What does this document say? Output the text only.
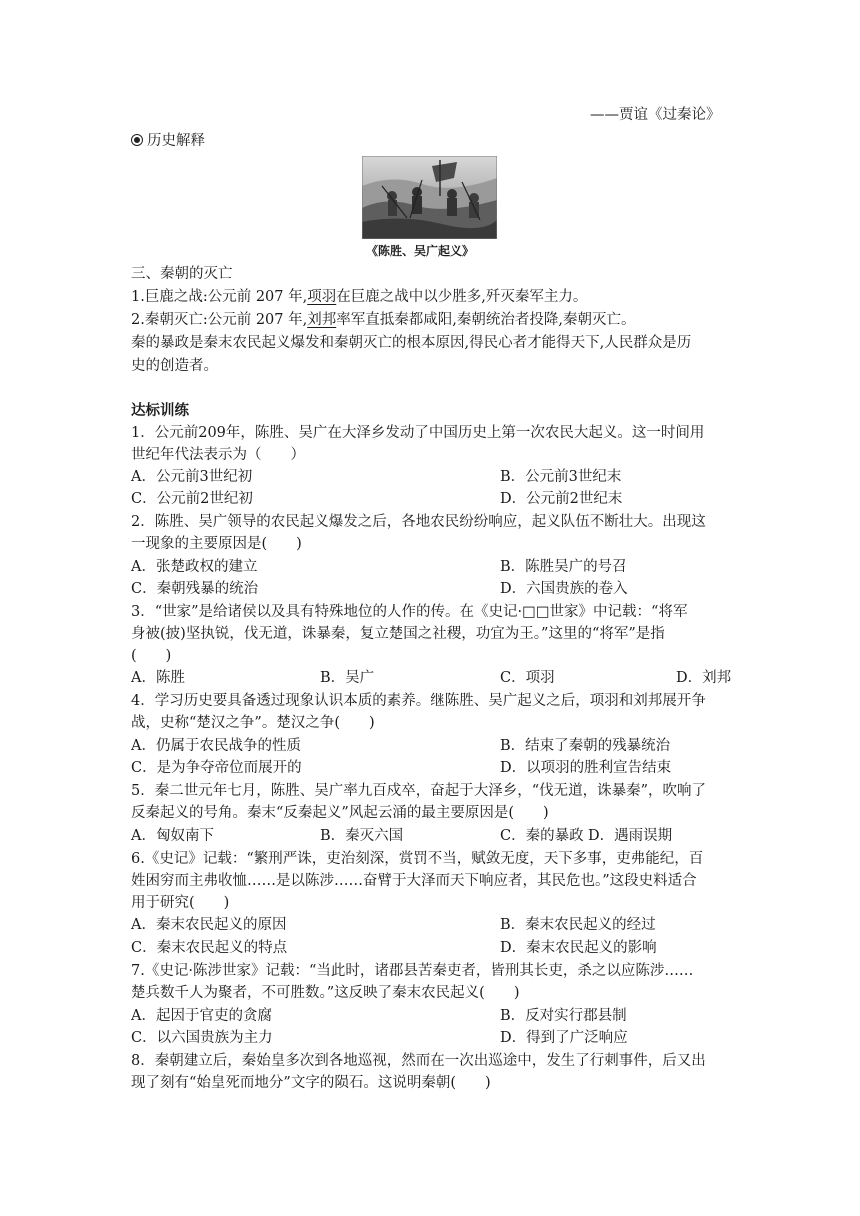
——贾谊《过秦论》
历史解释
《陈胜、吴广起义》
三、秦朝的灭亡
1.巨鹿之战:公元前 207 年,项羽在巨鹿之战中以少胜多,歼灭秦军主力。
2.秦朝灭亡:公元前 207 年,刘邦率军直抵秦都咸阳,秦朝统治者投降,秦朝灭亡。
秦的暴政是秦末农民起义爆发和秦朝灭亡的根本原因,得民心者才能得天下,人民群众是历
史的创造者。
达标训练
1．公元前209年，陈胜、吴广在大泽乡发动了中国历史上第一次农民大起义。这一时间用
世纪年代法表示为（　　）
A．公元前3世纪初	B．公元前3世纪末
C．公元前2世纪初	D．公元前2世纪末
2．陈胜、吴广领导的农民起义爆发之后，各地农民纷纷响应，起义队伍不断壮大。出现这
一现象的主要原因是(　　)
A．张楚政权的建立	B．陈胜吴广的号召
C．秦朝残暴的统治	D．六国贵族的卷入
3．“世家”是给诸侯以及具有特殊地位的人作的传。在《史记·□□世家》中记载：“将军
身被(披)坚执锐，伐无道，诛暴秦，复立楚国之社稷，功宜为王。”这里的“将军”是指
(　　)
A．陈胜	B．吴广	C．项羽	D．刘邦
4．学习历史要具备透过现象认识本质的素养。继陈胜、吴广起义之后，项羽和刘邦展开争
战，史称“楚汉之争”。楚汉之争(　　)
A．仍属于农民战争的性质	B．结束了秦朝的残暴统治
C．是为争夺帝位而展开的	D．以项羽的胜利宣告结束
5．秦二世元年七月，陈胜、吴广率九百戍卒，奋起于大泽乡，“伐无道，诛暴秦”，吹响了
反秦起义的号角。秦末“反秦起义”风起云涌的最主要原因是(　　)
A．匈奴南下	B．秦灭六国	C．秦的暴政 D．遇雨误期
6.《史记》记载：“繁刑严诛，吏治刻深，赏罚不当，赋敛无度，天下多事，吏弗能纪，百
姓困穷而主弗收恤……是以陈涉……奋臂于大泽而天下响应者，其民危也。”这段史料适合
用于研究(　　)
A．秦末农民起义的原因	B．秦末农民起义的经过
C．秦末农民起义的特点	D．秦末农民起义的影响
7.《史记·陈涉世家》记载：“当此时，诸郡县苦秦吏者，皆刑其长吏，杀之以应陈涉……
楚兵数千人为聚者，不可胜数。”这反映了秦末农民起义(　　)
A．起因于官吏的贪腐	B．反对实行郡县制
C．以六国贵族为主力	D．得到了广泛响应
8．秦朝建立后，秦始皇多次到各地巡视，然而在一次出巡途中，发生了行刺事件，后又出
现了刻有“始皇死而地分”文字的陨石。这说明秦朝(　　)
